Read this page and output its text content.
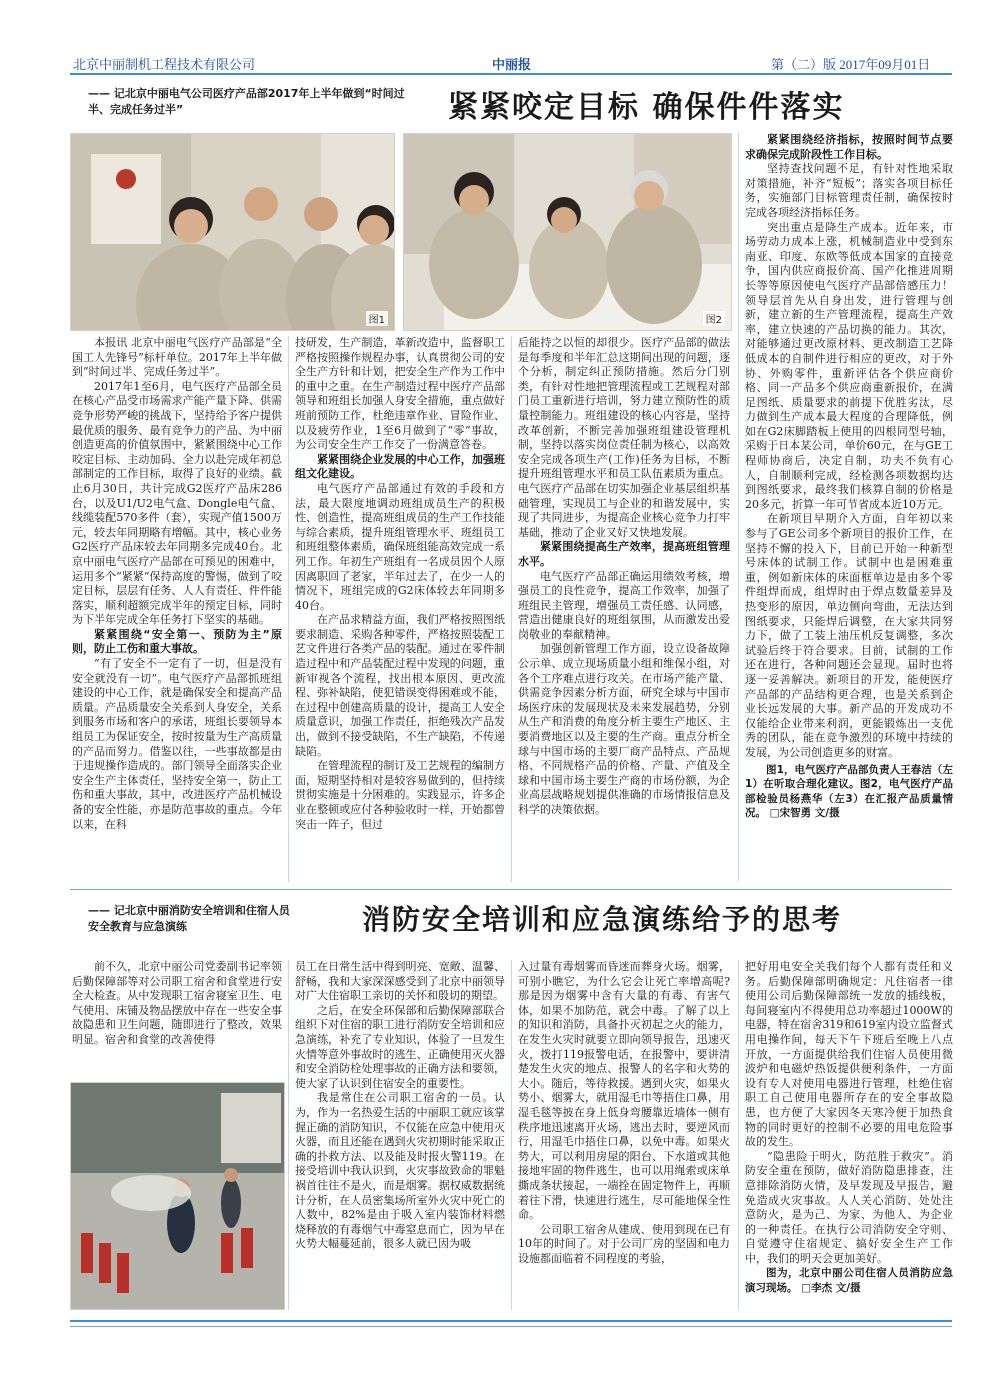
北京中丽制机工程技术有限公司	中丽报	第（二）版 2017年09月01日
—— 记北京中丽电气公司医疗产品部2017年上半年做到“时间过半、完成任务过半”	紧紧咬定目标 确保件件落实
图1	图2

紧紧围绕经济指标，按照时间节点要求确保完成阶段性工作目标。

坚持查找问题不足，有针对性地采取对策措施，补齐“短板”；落实各项目标任务，实施部门目标管理责任制，确保按时完成各项经济指标任务。

突出重点是降生产成本。近年来，市场劳动力成本上涨，机械制造业中受到东南亚、印度、东欧等低成本国家的直接竞争，国内供应商报价高、国产化推进周期长等等原因使电气医疗产品部倍感压力！领导层首先从自身出发，进行管理与创新，建立新的生产管理流程，提高生产效率，建立快速的产品切换的能力。其次，对能够通过更改原材料、更改制造工艺降低成本的自制件进行相应的更改，对于外协、外购零件，重新评估各个供应商价格、同一产品多个供应商重新报价，在满足图纸、质量要求的前提下优胜劣汰，尽力做到生产成本最大程度的合理降低，例如在G2床脚踏板上使用的四根同型号轴，采购于日本某公司，单价60元，在与GE工程师协商后，决定自制，功夫不负有心人，自制顺利完成，经检测各项数据均达到图纸要求，最终我们核算自制的价格是20多元，折算一年可节省成本近10万元。

在新项目早期介入方面，自年初以来参与了GE公司多个新项目的报价工作，在坚持不懈的投入下，目前已开始一种新型号床体的试制工作。试制中也是困难重重，例如新床体的床面框单边是由多个零件组焊而成，组焊时由于焊点数量差异及热变形的原因，单边侧向弯曲，无法达到图纸要求，只能焊后调整，在大家共同努力下，做了工装上油压机反复调整，多次试验后终于符合要求。目前，试制的工作还在进行，各种问题还会显现。届时也将逐一妥善解决。新项目的开发，能使医疗产品部的产品结构更合理，也是关系到企业长远发展的大事。新产品的开发成功不仅能给企业带来利润，更能锻炼出一支优秀的团队，能在竞争激烈的环境中持续的发展，为公司创造更多的财富。

图1，电气医疗产品部负责人王春洁（左1）在听取合理化建议。图2，电气医疗产品部检验员杨燕华（左3）在汇报产品质量情况。 □宋智勇 文/摄

本报讯 北京中丽电气医疗产品部是“全国工人先锋号”标杆单位。2017年上半年做到“时间过半、完成任务过半”。

2017年1至6月，电气医疗产品部全员在核心产品受市场需求产能产量下降、供需竞争形势严峻的挑战下，坚持给予客户提供最优质的服务、最有竞争力的产品、为中丽创造更高的价值氛围中，紧紧围绕中心工作咬定目标、主动加码、全力以赴完成年初总部制定的工作目标，取得了良好的业绩。截止6月30日，共计完成G2医疗产品床286台，以及U1/U2电气盒、Dongle电气盒、线缆装配570多件（套），实现产值1500万元，较去年同期略有增幅。其中，核心业务G2医疗产品床较去年同期多完成40台。北京中丽电气医疗产品部在可预见的困难中，运用多个“紧紧”保持高度的警惕，做到了咬定目标，层层有任务、人人有责任、件件能落实，顺利超额完成半年的预定目标，同时为下半年完成全年任务打下坚实的基础。

紧紧围绕“安全第一、预防为主”原则，防止工伤和重大事故。

“有了安全不一定有了一切，但是没有安全就没有一切”。电气医疗产品部抓班组建设的中心工作，就是确保安全和提高产品质量。产品质量安全关系到人身安全，关系到服务市场和客户的承诺，班组长要领导本组员工为保证安全，按时按量为生产高质量的产品而努力。借鉴以往，一些事故都是由于违规操作造成的。部门领导全面落实企业安全生产主体责任，坚持安全第一，防止工伤和重大事故，其中，改进医疗产品机械设备的安全性能，亦是防范事故的重点。今年以来，在科

技研发，生产制造，革新改造中，监督职工严格按照操作规程办事，认真贯彻公司的安全生产方针和计划，把安全生产作为工作中的重中之重。在生产制造过程中医疗产品部领导和班组长加强人身安全措施，重点做好班前预防工作，杜绝违章作业、冒险作业、以及疲劳作业，1至6月做到了“零”事故，为公司安全生产工作交了一份满意答卷。

紧紧围绕企业发展的中心工作，加强班组文化建设。

电气医疗产品部通过有效的手段和方法，最大限度地调动班组成员生产的积极性、创造性，提高班组成员的生产工作技能与综合素质，提升班组管理水平、班组员工和班组整体素质，确保班组能高效完成一系列工作。年初生产班组有一名成员因个人原因离职回了老家，半年过去了，在少一人的情况下，班组完成的G2床体较去年同期多40台。

在产品求精益方面，我们严格按照图纸要求制造、采购各种零件，严格按照装配工艺文件进行各类产品的装配。通过在零件制造过程中和产品装配过程中发现的问题，重新审视各个流程，找出根本原因、更改流程、弥补缺陷，使犯错误变得困难或不能，在过程中创建高质量的设计，提高工人安全质量意识，加强工作责任，拒绝残次产品发出，做到不接受缺陷，不生产缺陷，不传递缺陷。

在管理流程的制订及工艺规程的编制方面，短期坚持相对是较容易做到的，但持续贯彻实施是十分困难的。实践显示，许多企业在整顿或应付各种验收时一样，开始都曾突击一阵子，但过

后能持之以恒的却很少。医疗产品部的做法是每季度和半年汇总这期间出现的问题，逐个分析，制定纠正预防措施。然后分门别类，有针对性地把管理流程或工艺规程对部门员工重新进行培训，努力建立预防性的质量控制能力。班组建设的核心内容是，坚持改革创新，不断完善加强班组建设管理机制，坚持以落实岗位责任制为核心，以高效安全完成各项生产(工作)任务为目标，不断提升班组管理水平和员工队伍素质为重点。电气医疗产品部在切实加强企业基层组织基础管理，实现员工与企业的和谐发展中，实现了共同进步，为提高企业核心竞争力打牢基础，推动了企业又好又快地发展。

紧紧围绕提高生产效率，提高班组管理水平。

电气医疗产品部正确运用绩效考核，增强员工的良性竞争，提高工作效率，加强了班组民主管理，增强员工责任感、认同感，营造出健康良好的班组氛围，从而激发出爱岗敬业的奉献精神。

加强创新管理工作方面，设立设备故障公示单、成立现场质量小组和维保小组，对各个工序难点进行攻关。在市场产能产量、供需竞争因素分析方面，研究全球与中国市场医疗床的发展现状及未来发展趋势，分别从生产和消费的角度分析主要生产地区、主要消费地区以及主要的生产商。重点分析全球与中国市场的主要厂商产品特点、产品规格、不同规格产品的价格、产量、产值及全球和中国市场主要生产商的市场份额，为企业高层战略规划提供准确的市场情报信息及科学的决策依据。

—— 记北京中丽消防安全培训和住宿人员安全教育与应急演练	消防安全培训和应急演练给予的思考

前不久，北京中丽公司党委副书记率领后勤保障部等对公司职工宿舍和食堂进行安全大检查。从中发现职工宿舍寝室卫生、电气使用、床铺及物品摆放中存在一些安全事故隐患和卫生问题，随即进行了整改，效果明显。宿舍和食堂的改善使得

员工在日常生活中得到明亮、宽敞、温馨、舒畅，我和大家深深感受到了北京中丽领导对广大住宿职工亲切的关怀和殷切的期望。

之后，在安全环保部和后勤保障部联合组织下对住宿的职工进行消防安全培训和应急演练，补充了专业知识，体验了一旦发生火情等意外事故时的逃生、正确使用灭火器和安全消防栓处理事故的正确方法和要领，使大家了认识到住宿安全的重要性。

我是常住在公司职工宿舍的一员。认为，作为一名热爱生活的中丽职工就应该掌握正确的消防知识，不仅能在应急中使用灭火器，而且还能在遇到火灾初期时能采取正确的扑救方法、以及能及时报火警119。在接受培训中我认识到，火灾事故致命的罪魁祸首往往不是火，而是烟雾。据权威数据统计分析，在人员密集场所室外火灾中死亡的人数中，82%是由于吸入室内装饰材料燃烧释放的有毒烟气中毒窒息而亡，因为早在火势大幅蔓延前，很多人就已因为吸

入过量有毒烟雾而昏迷而葬身火场。烟雾，可别小瞧它，为什么它会让死亡率增高呢?那是因为烟雾中含有大量的有毒、有害气体，如果不加防范，就会中毒。了解了以上的知识和消防，具备扑灭初起之火的能力，在发生火灾时就要立即向领导报告，迅速灭火，拨打119报警电话，在报警中，要讲清楚发生火灾的地点、报警人的名字和火势的大小。随后，等待救援。遇到火灾，如果火势小、烟雾大，就用湿毛巾等捂住口鼻，用湿毛毯等披在身上低身弯腰靠近墙体一侧有秩序地迅速离开火场，逃出去时，要逆风而行，用湿毛巾捂住口鼻，以免中毒。如果火势大，可以利用房屋的阳台、下水道或其他接地牢固的物件逃生，也可以用绳索或床单撕成条状接起，一端拴在固定物件上，再顺着往下滑，快速进行逃生，尽可能地保全性命。

公司职工宿舍从建成、使用到现在已有10年的时间了。对于公司厂房的坚固和电力设施都面临着不同程度的考验，

把好用电安全关我们每个人都有责任和义务。后勤保障部明确规定：凡住宿者一律使用公司后勤保障部统一发放的插线板，每间寝室内不得使用总功率超过1000W的电器，特在宿舍319和619室内设立监督式用电操作间，每天下午下班后至晚上八点开放，一方面提供给我们住宿人员使用微波炉和电磁炉热饭提供便利条件，一方面设有专人对使用电器进行管理，杜绝住宿职工自己使用电器所存在的安全事故隐患，也方便了大家因冬天寒冷便于加热食物的同时更好的控制不必要的用电危险事故的发生。

“隐患险于明火，防范胜于救灾”。消防安全重在预防，做好消防隐患排查，注意排除消防火情，及早发现及早报告，避免造成火灾事故。人人关心消防、处处注意防火，是为己、为家、为他人、为企业的一种责任。在执行公司消防安全守则、自觉遵守住宿规定、搞好安全生产工作中，我们的明天会更加美好。

图为，北京中丽公司住宿人员消防应急演习现场。 □李杰 文/摄
